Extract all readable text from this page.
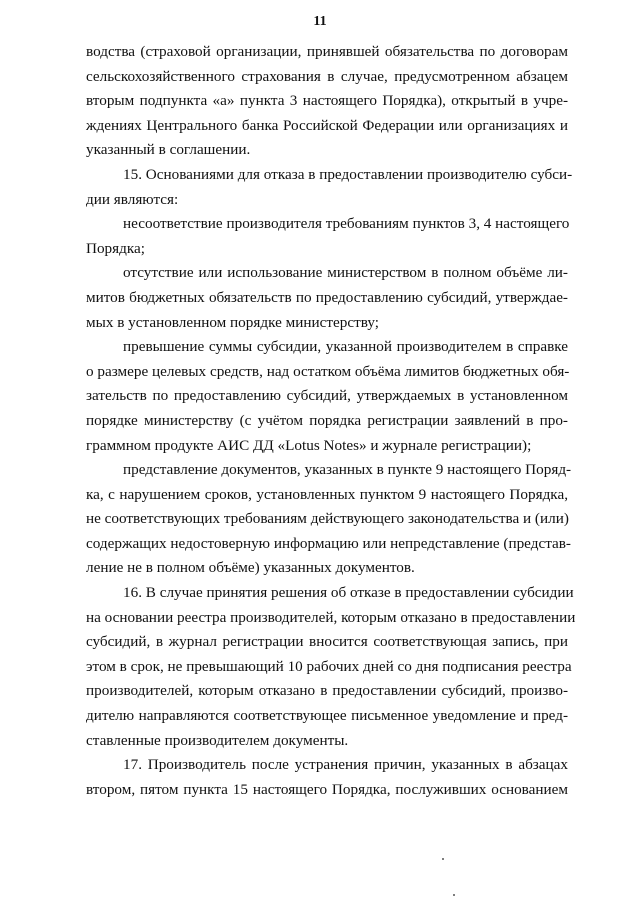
11
водства (страховой организации, принявшей обязательства по договорам
сельскохозяйственного страхования в случае, предусмотренном абзацем
вторым подпункта «а» пункта 3 настоящего Порядка), открытый в учре-
ждениях Центрального банка Российской Федерации или организациях и
указанный в соглашении.
15. Основаниями для отказа в предоставлении производителю субси-
дии являются:
несоответствие производителя требованиям пунктов 3, 4 настоящего
Порядка;
отсутствие или использование министерством в полном объёме ли-
митов бюджетных обязательств по предоставлению субсидий, утверждае-
мых в установленном порядке министерству;
превышение суммы субсидии, указанной производителем в справке
о размере целевых средств, над остатком объёма лимитов бюджетных обя-
зательств по предоставлению субсидий, утверждаемых в установленном
порядке министерству (с учётом порядка регистрации заявлений в про-
граммном продукте АИС ДД «Lotus Notes» и журнале регистрации);
представление документов, указанных в пункте 9 настоящего Поряд-
ка, с нарушением сроков, установленных пунктом 9 настоящего Порядка,
не соответствующих требованиям действующего законодательства и (или)
содержащих недостоверную информацию или непредставление (представ-
ление не в полном объёме) указанных документов.
16. В случае принятия решения об отказе в предоставлении субсидии
на основании реестра производителей, которым отказано в предоставлении
субсидий, в журнал регистрации вносится соответствующая запись, при
этом в срок, не превышающий 10 рабочих дней со дня подписания реестра
производителей, которым отказано в предоставлении субсидий, произво-
дителю направляются соответствующее письменное уведомление и пред-
ставленные производителем документы.
17. Производитель после устранения причин, указанных в абзацах
втором, пятом пункта 15 настоящего Порядка, послуживших основанием
